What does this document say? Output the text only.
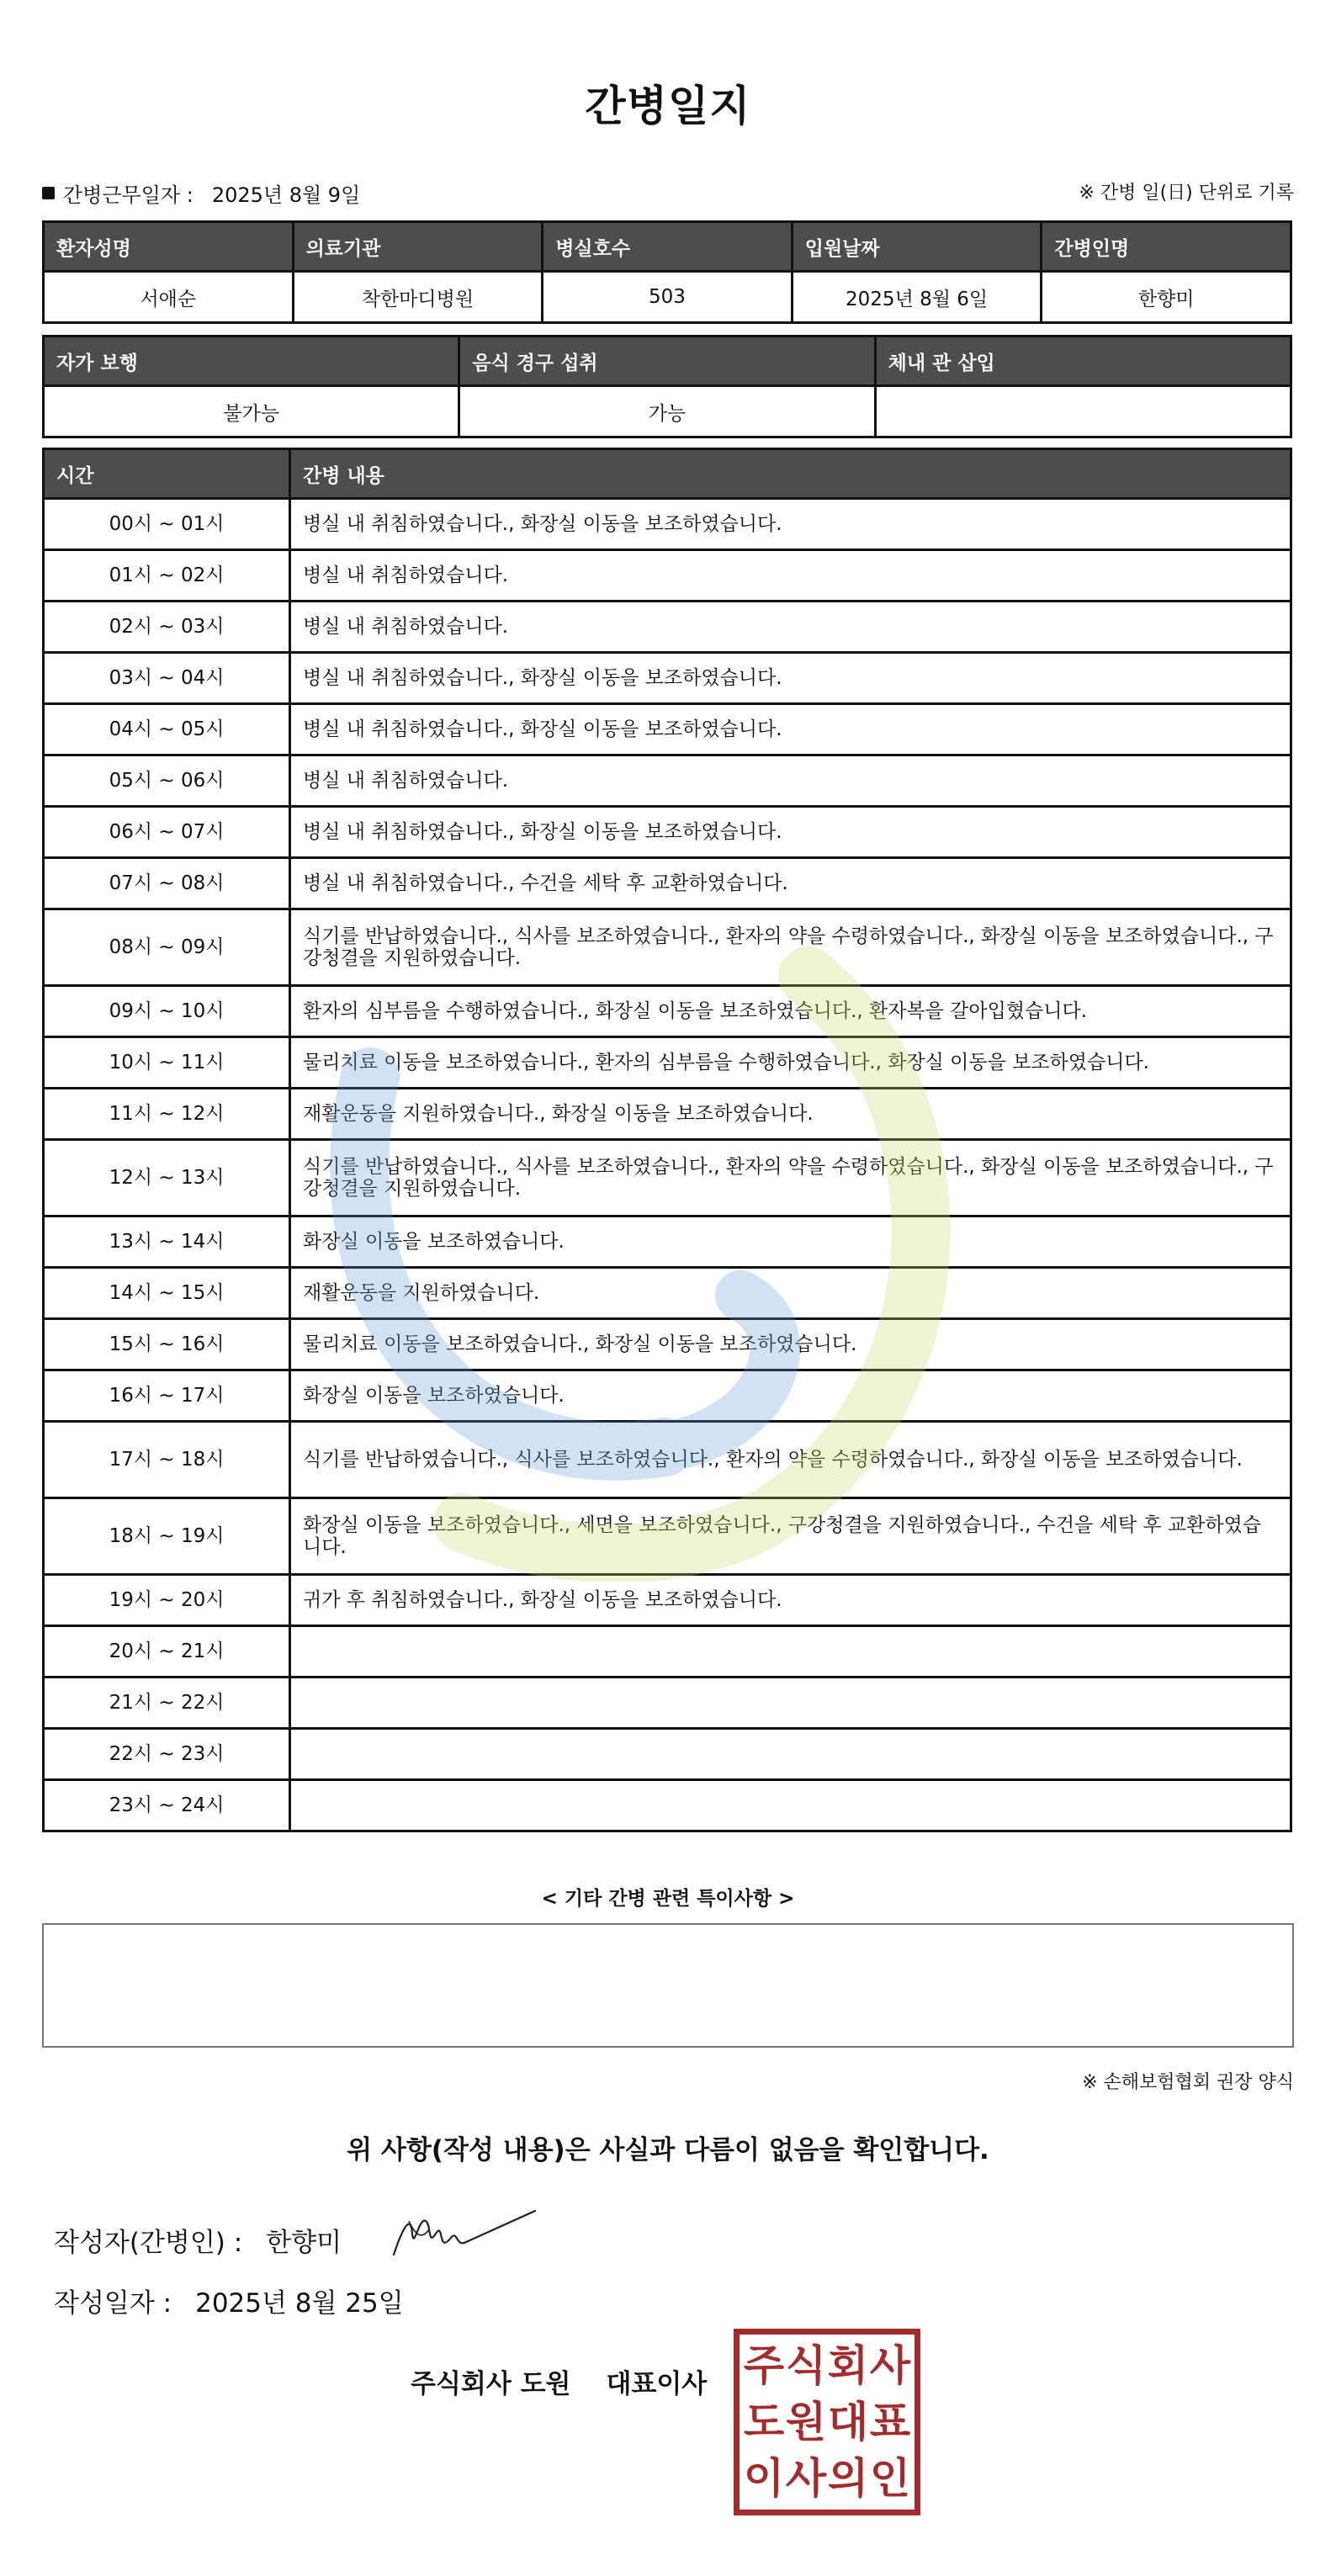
간병일지
간병근무일자 : 2025년 8월 9일	※ 간병 일(日) 단위로 기록
환자성명	의료기관	병실호수	입원날짜	간병인명
서애순	착한마디병원	503	2025년 8월 6일	한향미
자가 보행	음식 경구 섭취	체내 관 삽입
불가능	가능	
시간	간병 내용
00시 ~ 01시	병실 내 취침하였습니다., 화장실 이동을 보조하였습니다.
01시 ~ 02시	병실 내 취침하였습니다.
02시 ~ 03시	병실 내 취침하였습니다.
03시 ~ 04시	병실 내 취침하였습니다., 화장실 이동을 보조하였습니다.
04시 ~ 05시	병실 내 취침하였습니다., 화장실 이동을 보조하였습니다.
05시 ~ 06시	병실 내 취침하였습니다.
06시 ~ 07시	병실 내 취침하였습니다., 화장실 이동을 보조하였습니다.
07시 ~ 08시	병실 내 취침하였습니다., 수건을 세탁 후 교환하였습니다.
08시 ~ 09시	식기를 반납하였습니다., 식사를 보조하였습니다., 환자의 약을 수령하였습니다., 화장실 이동을 보조하였습니다., 구강청결을 지원하였습니다.
09시 ~ 10시	환자의 심부름을 수행하였습니다., 화장실 이동을 보조하였습니다., 환자복을 갈아입혔습니다.
10시 ~ 11시	물리치료 이동을 보조하였습니다., 환자의 심부름을 수행하였습니다., 화장실 이동을 보조하였습니다.
11시 ~ 12시	재활운동을 지원하였습니다., 화장실 이동을 보조하였습니다.
12시 ~ 13시	식기를 반납하였습니다., 식사를 보조하였습니다., 환자의 약을 수령하였습니다., 화장실 이동을 보조하였습니다., 구강청결을 지원하였습니다.
13시 ~ 14시	화장실 이동을 보조하였습니다.
14시 ~ 15시	재활운동을 지원하였습니다.
15시 ~ 16시	물리치료 이동을 보조하였습니다., 화장실 이동을 보조하였습니다.
16시 ~ 17시	화장실 이동을 보조하였습니다.
17시 ~ 18시	식기를 반납하였습니다., 식사를 보조하였습니다., 환자의 약을 수령하였습니다., 화장실 이동을 보조하였습니다.
18시 ~ 19시	화장실 이동을 보조하였습니다., 세면을 보조하였습니다., 구강청결을 지원하였습니다., 수건을 세탁 후 교환하였습니다.
19시 ~ 20시	귀가 후 취침하였습니다., 화장실 이동을 보조하였습니다.
20시 ~ 21시	
21시 ~ 22시	
22시 ~ 23시	
23시 ~ 24시	
< 기타 간병 관련 특이사항 >
※ 손해보험협회 권장 양식
위 사항(작성 내용)은 사실과 다름이 없음을 확인합니다.
작성자(간병인) : 한향미
작성일자 : 2025년 8월 25일
주식회사 도원 대표이사 주 식 회 사
도 원 대 표
이 사 의 인
